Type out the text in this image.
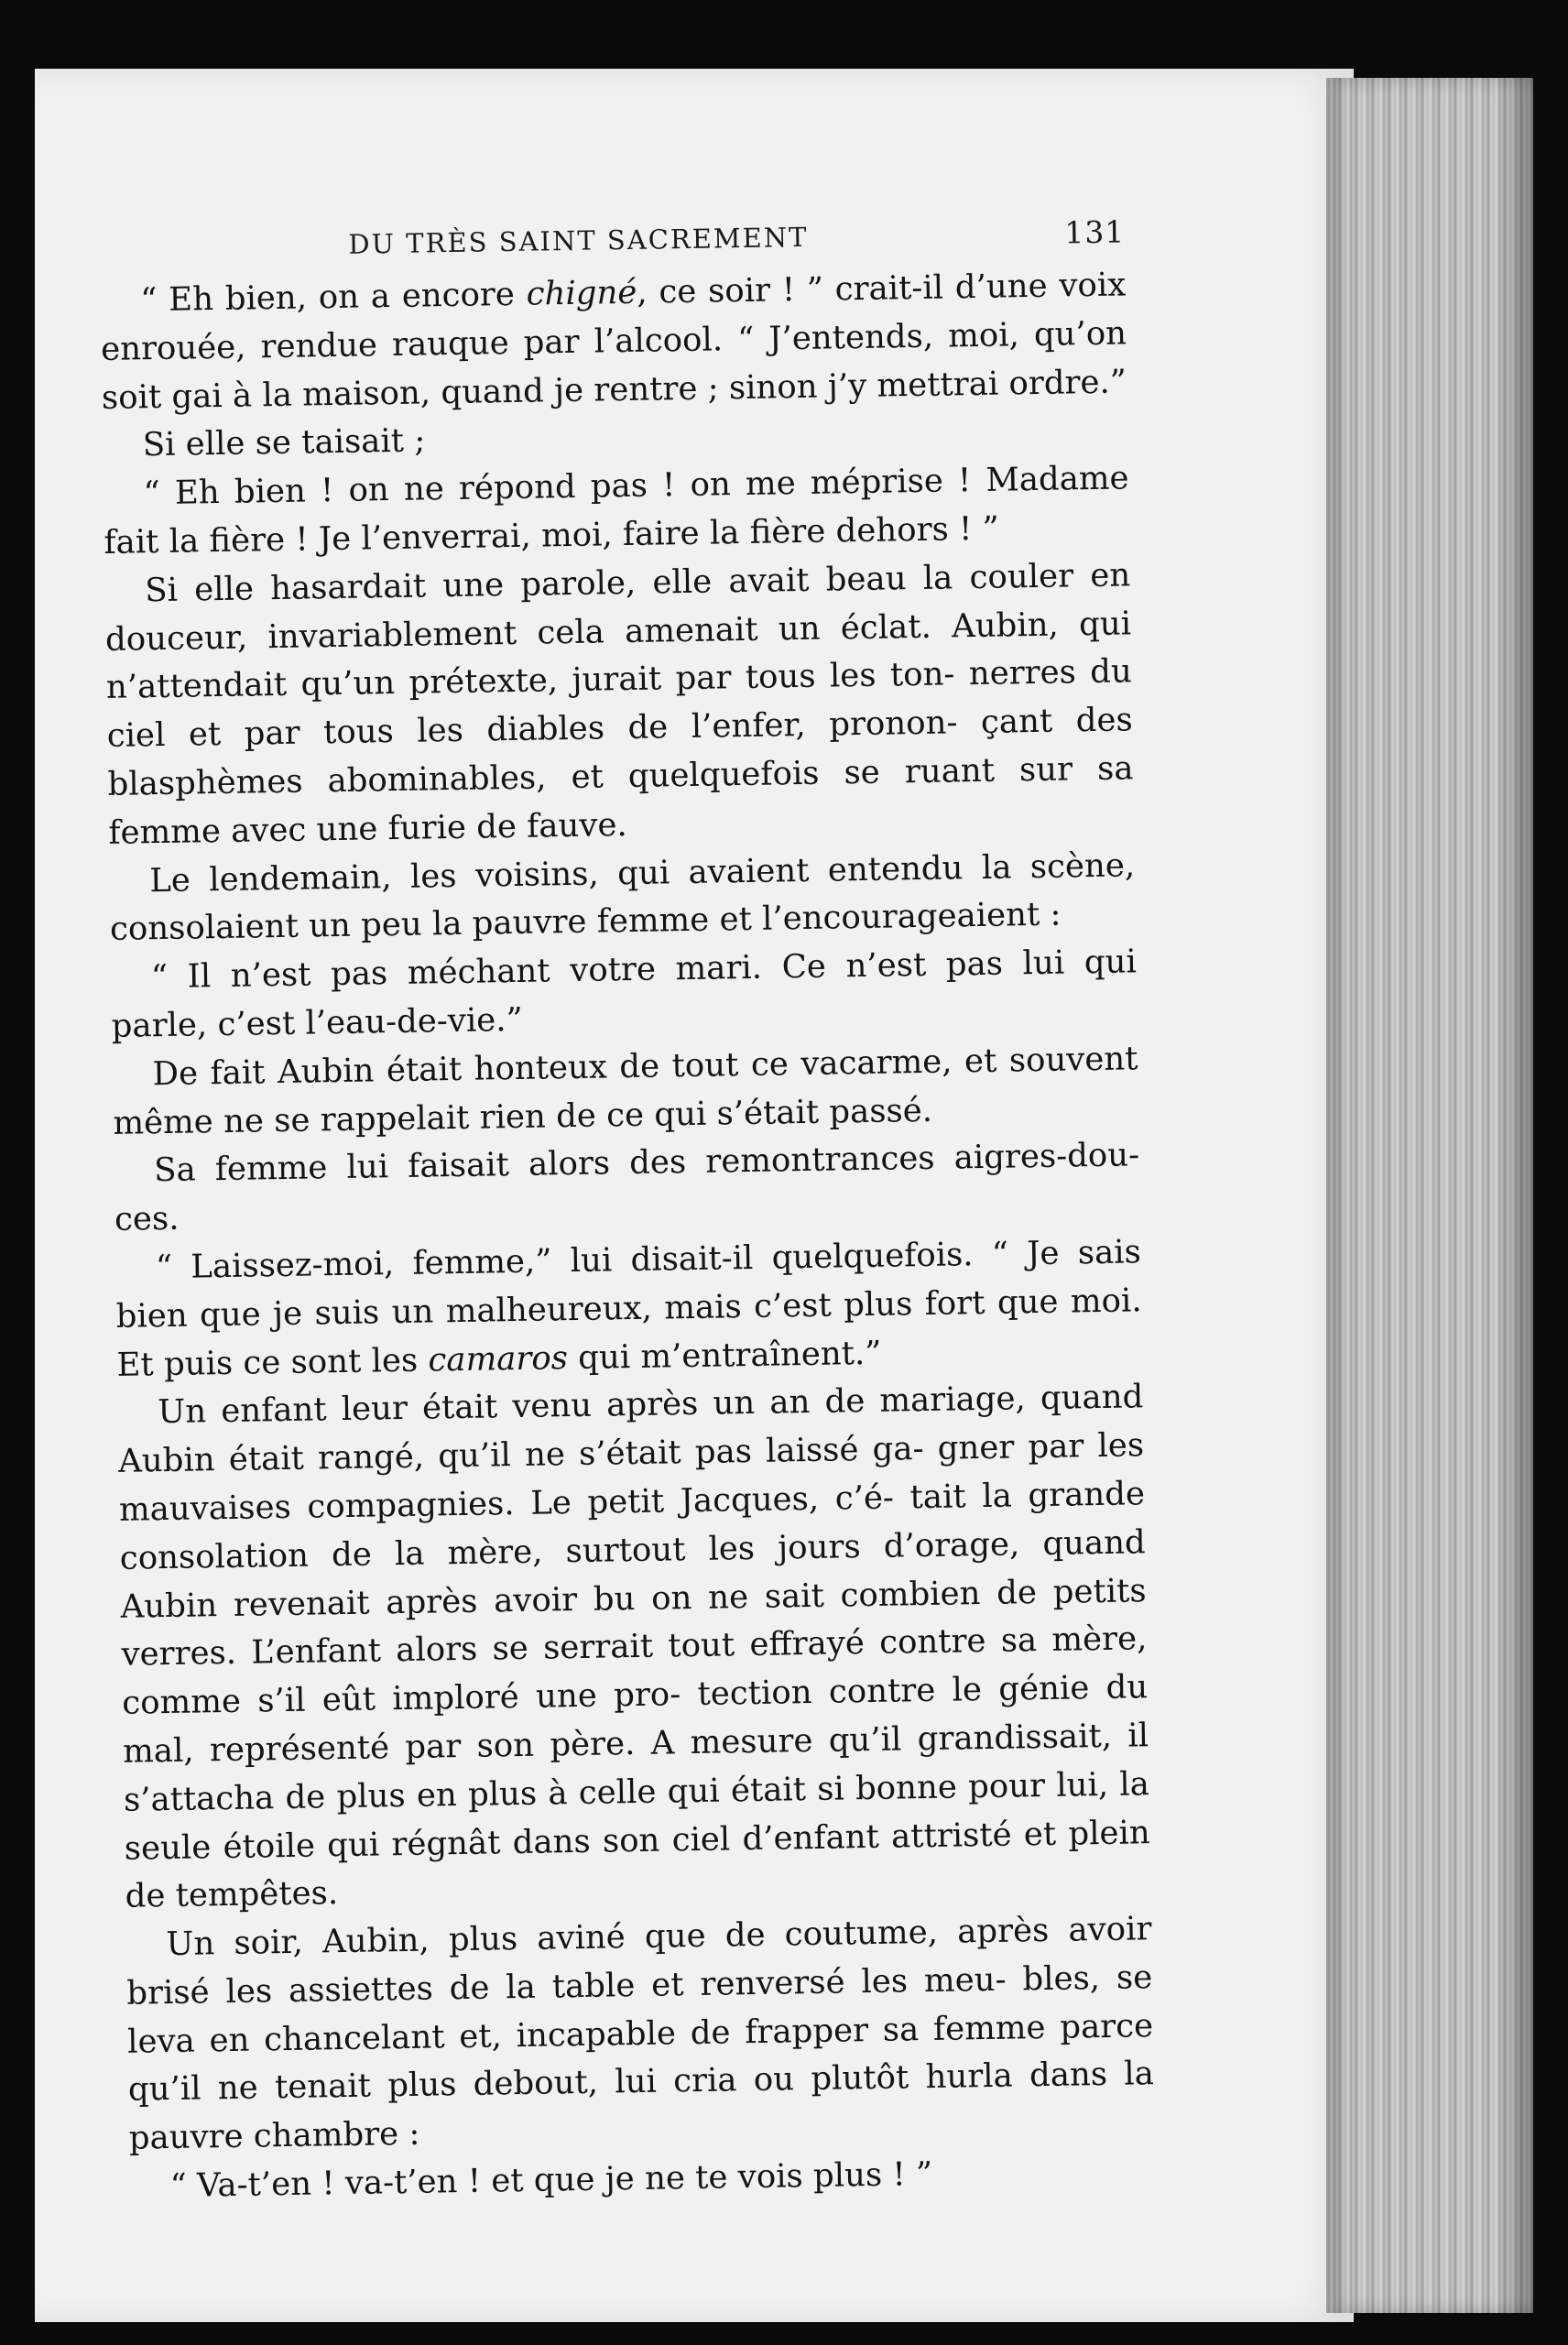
DU TRÈS SAINT SACREMENT	131

“ Eh bien, on a encore chigné, ce soir ! ” crait-il d’une voix enrouée, rendue rauque par l’alcool. “ J’entends, moi, qu’on soit gai à la maison, quand je rentre ; sinon j’y mettrai ordre.”

Si elle se taisait ;

“ Eh bien ! on ne répond pas ! on me méprise ! Madame fait la fière ! Je l’enverrai, moi, faire la fière dehors ! ”

Si elle hasardait une parole, elle avait beau la couler en douceur, invariablement cela amenait un éclat. Aubin, qui n’attendait qu’un prétexte, jurait par tous les ton- nerres du ciel et par tous les diables de l’enfer, pronon- çant des blasphèmes abominables, et quelquefois se ruant sur sa femme avec une furie de fauve.

Le lendemain, les voisins, qui avaient entendu la scène, consolaient un peu la pauvre femme et l’encourageaient :

“ Il n’est pas méchant votre mari. Ce n’est pas lui qui parle, c’est l’eau-de-vie.”

De fait Aubin était honteux de tout ce vacarme, et souvent même ne se rappelait rien de ce qui s’était passé.

Sa femme lui faisait alors des remontrances aigres-dou- ces.

“ Laissez-moi, femme,” lui disait-il quelquefois. “ Je sais bien que je suis un malheureux, mais c’est plus fort que moi. Et puis ce sont les camaros qui m’entraînent.”

Un enfant leur était venu après un an de mariage, quand Aubin était rangé, qu’il ne s’était pas laissé ga- gner par les mauvaises compagnies. Le petit Jacques, c’é- tait la grande consolation de la mère, surtout les jours d’orage, quand Aubin revenait après avoir bu on ne sait combien de petits verres. L’enfant alors se serrait tout effrayé contre sa mère, comme s’il eût imploré une pro- tection contre le génie du mal, représenté par son père. A mesure qu’il grandissait, il s’attacha de plus en plus à celle qui était si bonne pour lui, la seule étoile qui régnât dans son ciel d’enfant attristé et plein de tempêtes.

Un soir, Aubin, plus aviné que de coutume, après avoir brisé les assiettes de la table et renversé les meu- bles, se leva en chancelant et, incapable de frapper sa femme parce qu’il ne tenait plus debout, lui cria ou plutôt hurla dans la pauvre chambre :

“ Va-t’en ! va-t’en ! et que je ne te vois plus ! ”
